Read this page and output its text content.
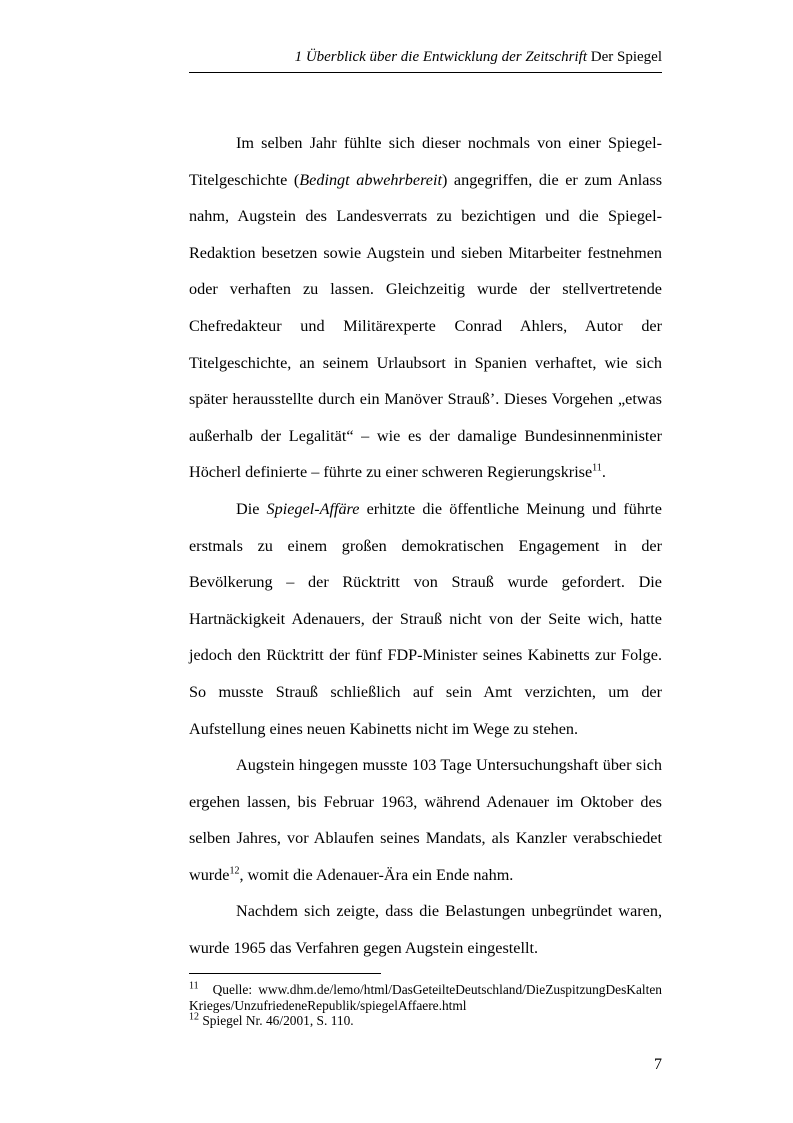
1 Überblick über die Entwicklung der Zeitschrift Der Spiegel

Im selben Jahr fühlte sich dieser nochmals von einer Spiegel-Titelgeschichte (Bedingt abwehrbereit) angegriffen, die er zum Anlass nahm, Augstein des Landesverrats zu bezichtigen und die Spiegel-Redaktion besetzen sowie Augstein und sieben Mitarbeiter festnehmen oder verhaften zu lassen. Gleichzeitig wurde der stellvertretende Chefredakteur und Militärexperte Conrad Ahlers, Autor der Titelgeschichte, an seinem Urlaubsort in Spanien verhaftet, wie sich später herausstellte durch ein Manöver Strauß’. Dieses Vorgehen „etwas außerhalb der Legalität“ – wie es der damalige Bundesinnenminister Höcherl definierte – führte zu einer schweren Regierungskrise$^{11}$.

Die Spiegel-Affäre erhitzte die öffentliche Meinung und führte erstmals zu einem großen demokratischen Engagement in der Bevölkerung – der Rücktritt von Strauß wurde gefordert. Die Hartnäckigkeit Adenauers, der Strauß nicht von der Seite wich, hatte jedoch den Rücktritt der fünf FDP-Minister seines Kabinetts zur Folge. So musste Strauß schließlich auf sein Amt verzichten, um der Aufstellung eines neuen Kabinetts nicht im Wege zu stehen.

Augstein hingegen musste 103 Tage Untersuchungshaft über sich ergehen lassen, bis Februar 1963, während Adenauer im Oktober des selben Jahres, vor Ablaufen seines Mandats, als Kanzler verabschiedet wurde$^{12}$, womit die Adenauer-Ära ein Ende nahm.

Nachdem sich zeigte, dass die Belastungen unbegründet waren, wurde 1965 das Verfahren gegen Augstein eingestellt.

$^{11}$ Quelle: www.dhm.de/lemo/html/DasGeteilteDeutschland/DieZuspitzungDesKalten Krieges/UnzufriedeneRepublik/spiegelAffaere.html

$^{12}$ Spiegel Nr. 46/2001, S. 110.

7
